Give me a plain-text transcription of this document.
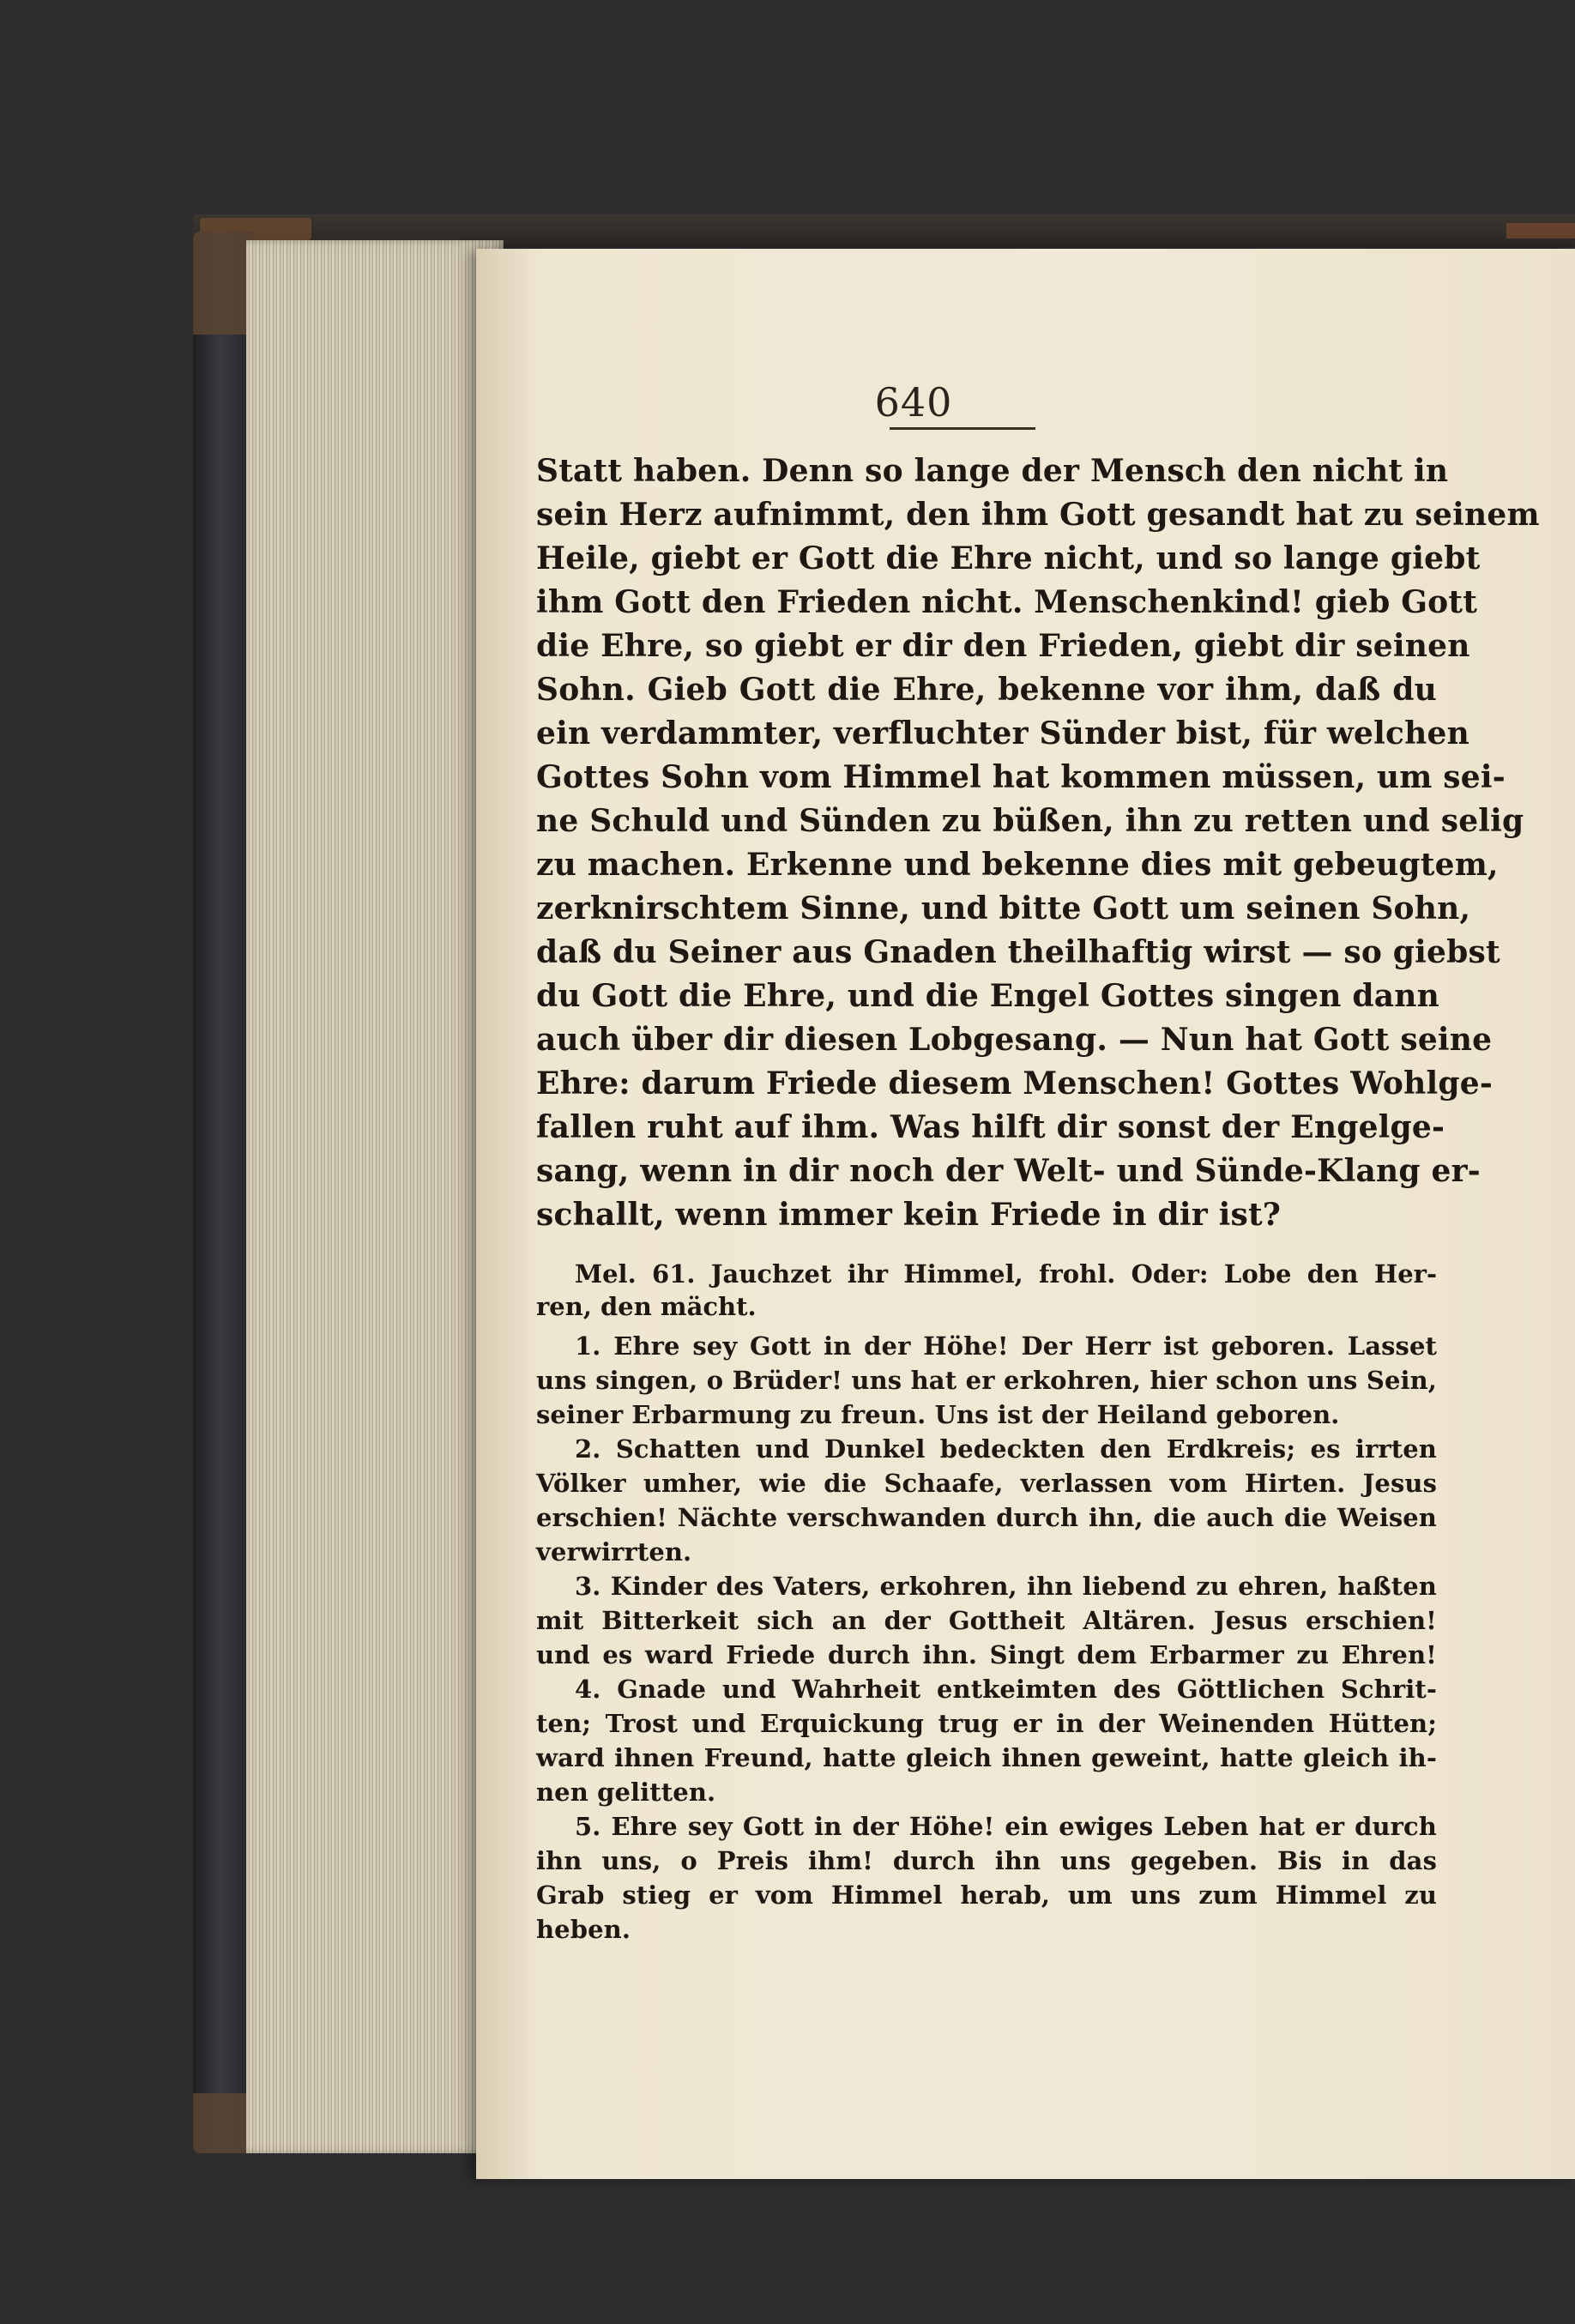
640
Statt haben. Denn so lange der Mensch den nicht in
sein Herz aufnimmt, den ihm Gott gesandt hat zu seinem
Heile, giebt er Gott die Ehre nicht, und so lange giebt
ihm Gott den Frieden nicht. Menschenkind! gieb Gott
die Ehre, so giebt er dir den Frieden, giebt dir seinen
Sohn. Gieb Gott die Ehre, bekenne vor ihm, daß du
ein verdammter, verfluchter Sünder bist, für welchen
Gottes Sohn vom Himmel hat kommen müssen, um sei-
ne Schuld und Sünden zu büßen, ihn zu retten und selig
zu machen. Erkenne und bekenne dies mit gebeugtem,
zerknirschtem Sinne, und bitte Gott um seinen Sohn,
daß du Seiner aus Gnaden theilhaftig wirst — so giebst
du Gott die Ehre, und die Engel Gottes singen dann
auch über dir diesen Lobgesang. — Nun hat Gott seine
Ehre: darum Friede diesem Menschen! Gottes Wohlge-
fallen ruht auf ihm. Was hilft dir sonst der Engelge-
sang, wenn in dir noch der Welt- und Sünde-Klang er-
schallt, wenn immer kein Friede in dir ist?
Mel. 61. Jauchzet ihr Himmel, frohl. Oder: Lobe den Her-
ren, den mächt.
1. Ehre sey Gott in der Höhe! Der Herr ist geboren. Lasset
uns singen, o Brüder! uns hat er erkohren, hier schon uns Sein,
seiner Erbarmung zu freun. Uns ist der Heiland geboren.
2. Schatten und Dunkel bedeckten den Erdkreis; es irrten
Völker umher, wie die Schaafe, verlassen vom Hirten. Jesus
erschien! Nächte verschwanden durch ihn, die auch die Weisen
verwirrten.
3. Kinder des Vaters, erkohren, ihn liebend zu ehren, haßten
mit Bitterkeit sich an der Gottheit Altären. Jesus erschien!
und es ward Friede durch ihn. Singt dem Erbarmer zu Ehren!
4. Gnade und Wahrheit entkeimten des Göttlichen Schrit-
ten; Trost und Erquickung trug er in der Weinenden Hütten;
ward ihnen Freund, hatte gleich ihnen geweint, hatte gleich ih-
nen gelitten.
5. Ehre sey Gott in der Höhe! ein ewiges Leben hat er durch
ihn uns, o Preis ihm! durch ihn uns gegeben. Bis in das
Grab stieg er vom Himmel herab, um uns zum Himmel zu
heben.
